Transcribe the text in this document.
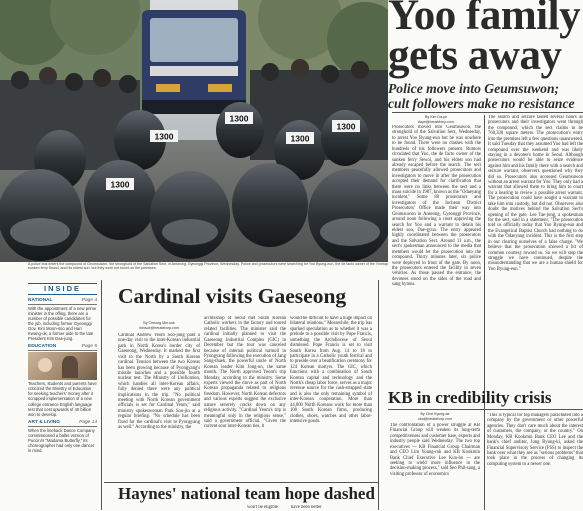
1300
1300
1300
1300
1300
Yonhap
A police bus enters the compound of Geumsuwon, the stronghold of the Salvation Sect, in Anseong, Gyeonggi Province, Wednesday. Police and prosecutors were searching for Yoo Byung-eun, the de facto owner of the sunken ferry Sewol, and his eldest son, but they were not found on the premises.
Yoo family gets away
Police move into Geumsuwon; cult followers make no resistance
By Kim Da-ye
daye@heraldcorp.com
Prosecutors moved into Geumsuwon, the stronghold of the Salvation Sect, Wednesday, to arrest Yoo Byung-eun but he was nowhere to be found. There were no clashes with the hundreds of his followers present. Rumors circulated that Yoo, the de facto owner of the sunken ferry Sewol, and his eldest son had already escaped before the search. The sect members peacefully allowed prosecutors and investigators to move in after the prosecution accepted their demand for clarification that there were no links between the sect and a mass suicide in 1987, known as the "Odaeyang incident." Some 80 prosecutors and investigators of the Incheon District Prosecutors' Office made their way into Geumsuwon in Anseong, Gyeonggi Province, around noon following a court approving the search for Yoo and a warrant to detain his eldest son, Dae-gyun. The entry appeared highly coordinated between the prosecutors and the Salvation Sect. Around 11 a.m., the sect's spokesman announced to the media that members would let the prosecution into the compound. Thirty minutes later, six police were deployed in front of the gate. By noon, the prosecutors entered the facility in seven vehicles. As those passed the entrance, the devotees stood on the sides of the road and sang hymns.
The search and seizure lasted several hours as prosecutors and their investigators went through the compound, which the sect claims to be 760,330 square meters. The prosecution's entry into the premises left a few questions unanswered. It said Tuesday that they assumed Yoo had left the compound over the weekend and was likely staying in a devotee's home in Seoul. Although prosecutors would be able to seize evidence against him and his family there with a search and seizure warrant, observers questioned why they did so. Prosecutors also accessed Geumsuwon without an arrest warrant for Yoo. They only had a warrant that allowed them to bring him to court for a hearing to review a possible arrest warrant. The prosecution could have sought a warrant to take him into custody, but did not. Observers also doubt the motives behind the Salvation Sect's opening of the gate. Lee Tae-jong, a spokesman for the sect, said in a statement, "The prosecution told us officially today that Yoo Byung-eun and the Evangelical Baptist Church had nothing to do with the Odaeyang incident. This is the first step in our clearing ourselves of a false charge. "We believe that the prosecution showed a bit of common courtesy toward us. So we will stop the struggle we have continued, despite the misunderstanding that we are a human shield for Yoo Byung-eun."
INSIDE
Page 4
NATIONAL
With the appointment of a new prime minister in the offing, there are a number of possible candidates for the job, including former Gyeonggi Gov. Kim Moon-soo and Han Kwang-ok, a former aide to the late President Kim Dae-jung.
Page 5
EDUCATION
Teachers, students and parents have criticized the Ministry of Education for seeking teachers' money after it scrapped implementation of a new college entrance English language test that cost upwards of 40 billion won to develop.
Page 14
ART & LIVING
When the lineback Dance Company commissioned a ballet version of Puccini's "Madama Butterfly," its choreographer had only one dancer in mind.
Cardinal visits Gaeseong
By Cheong Min-suk
minsuk@heraldcorp.com
Cardinal Andrew Yeom Soo-jung paid a one-day visit to the inter-Korean industrial park in North Korea's border city of Gaeseong, Wednesday. It marked the first visit to the North by a South Korean cardinal. Tension between the two Koreas has been growing because of Pyongyang's missile launches and a possible fourth nuclear test. The Ministry of Unification, which handles all inter-Korean affairs, fully denied there were any political implications in the trip. "No political meeting with North Korean government officials is set for Cardinal Yeom," said ministry spokeswoman Park Soo-jin at a regular briefing. "No schedule has been fixed for the cardinal's visit to Pyongyang as well." According to the ministry, the
archbishop of Seoul met South Korean Catholic workers in the factory and toured related facilities. The minister said the cardinal initially planned to visit the Gaeseong Industrial Complex (GIC) in December but the tour was canceled because of internal political turmoil in Pyongyang following the execution of Jang Song-thaek, the powerful uncle of North Korean leader Kim Jong-un, the same month. The North approved Yeom's trip Monday, according to the ministry. Some experts viewed the move as part of North Korean propaganda related to religious freedom. However, North Korean defectors and various experts suggest the exclusive nature severely cracks down on any religious activity. "Cardinal Yeom's trip is meaningful only in the religious sense," said a government official. "Given the current sour inter-Korean ties, it
would be difficult to have a huge impact on bilateral relations." Meanwhile, the trip has sparked speculation as to whether it was a prelude to a possible visit by Pope Francis, something the Archdiocese of Seoul dismissed. Pope Francis is set to visit South Korea from Aug. 14 to 18 to participate in a Catholic youth festival and to preside over a beatification ceremony for 124 Korean martyrs. The GIC, which functions with a combination of South Korean capital and technology and the North's cheap labor force, serves as a major revenue source for the cash-strapped state and is also the only remaining symbol of inter-Korean cooperation. More than 44,000 North Koreans work for more than 100 South Korean firms, producing clothes, shoes, watches and other labor-intensive goods.
KB in credibility crisis
By Choi Kyung-ae
cka@heraldcorp.com
The confrontation of a power struggle at KB Financial Group will weaken its long-term competitiveness and customer base, experts and industry people said Wednesday. The two top executives — KB Financial Group Chairman and CEO Lim Young-rok and KB Kookmin Bank Chief Executive Lee Kun-ho — are seeking to wield more influence in the decision-making process," said Seo Phil-sang, a visiting professor of economics
"This is typical for top managers parachuted into a company by the government or other powerful agencies. They don't care much about the interest of customers, the company, or the country." On Monday, KB Kookmin Bank CEO Lee and the bank's chief auditor, Jung Byung-ki, asked the Financial Supervisory Service (FSS) to inspect the bank over what they see as "serious problems" that took place in the process of changing its computing system to a newer one.
Haynes' national team hope dashed
won't be eligible	have been better
